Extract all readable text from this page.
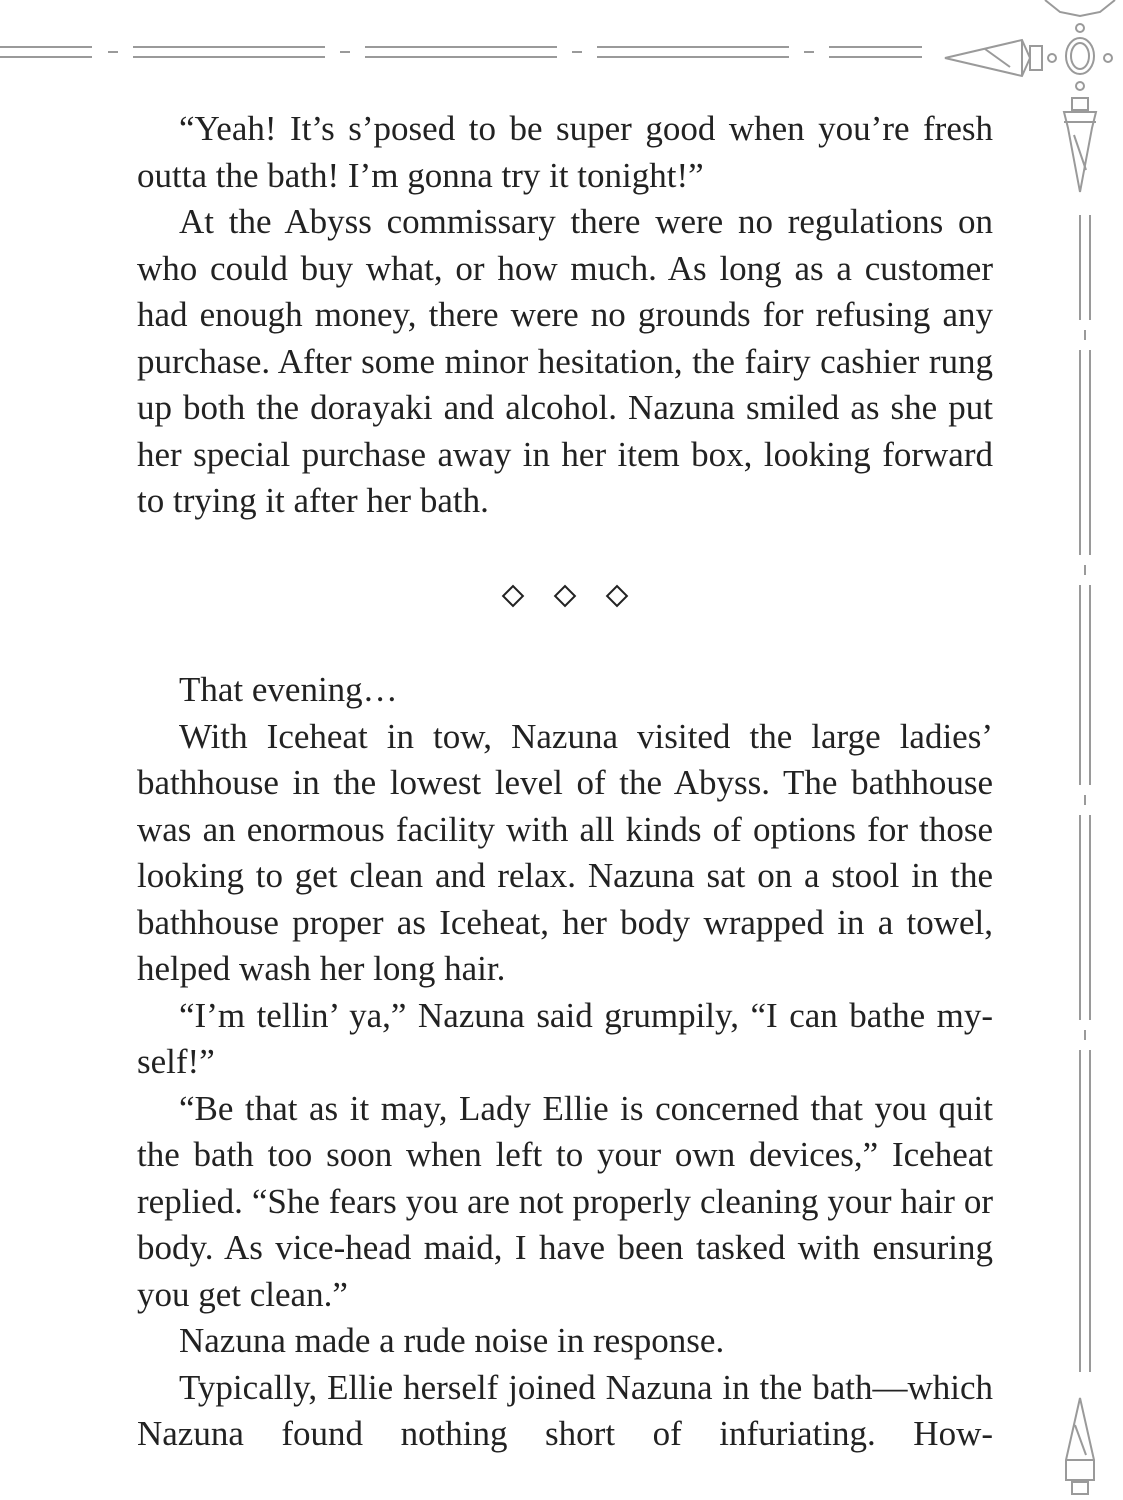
“Yeah! It’s s’posed to be super good when you’re fresh outta the bath! I’m gonna try it tonight!”

At the Abyss commissary there were no regulations on who could buy what, or how much. As long as a customer had enough money, there were no grounds for refusing any purchase. After some minor hesitation, the fairy cashier rung up both the dorayaki and alcohol. Nazuna smiled as she put her special purchase away in her item box, looking forward to trying it after her bath.

That evening…

With Iceheat in tow, Nazuna visited the large ladies’ bathhouse in the lowest level of the Abyss. The bathhouse was an enormous facility with all kinds of options for those looking to get clean and relax. Nazuna sat on a stool in the bathhouse proper as Iceheat, her body wrapped in a towel, helped wash her long hair.

“I’m tellin’ ya,” Nazuna said grumpily, “I can bathe myself!”

“Be that as it may, Lady Ellie is concerned that you quit the bath too soon when left to your own devices,” Iceheat replied. “She fears you are not properly cleaning your hair or body. As vice-head maid, I have been tasked with ensuring you get clean.”

Nazuna made a rude noise in response.

Typically, Ellie herself joined Nazuna in the bath—which Nazuna found nothing short of infuriating. How-
